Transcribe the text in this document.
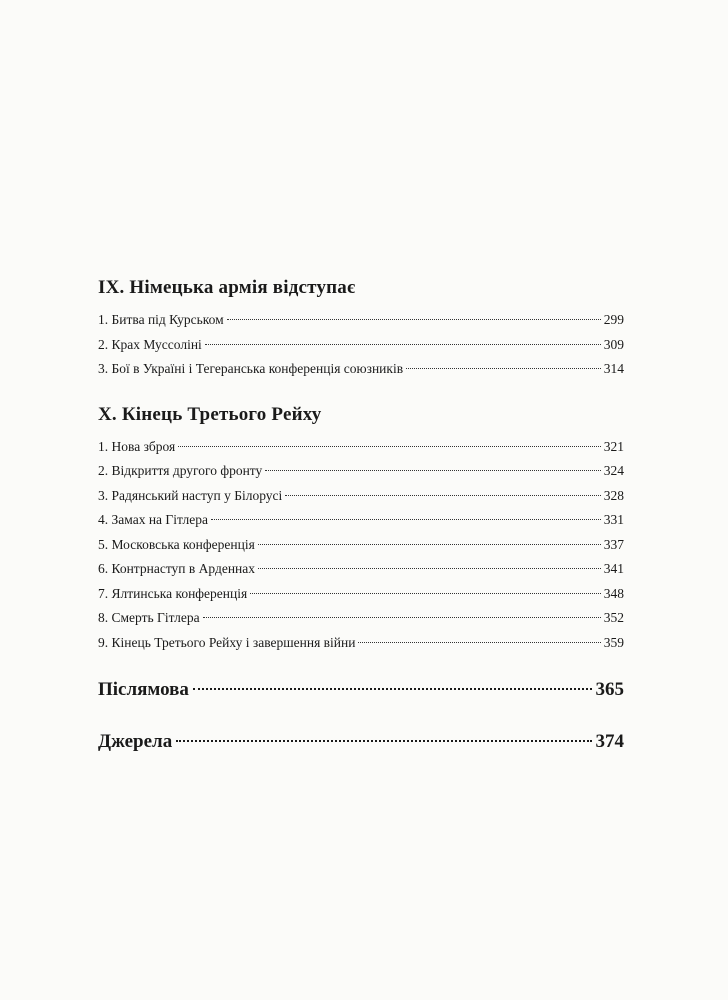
IX. Німецька армія відступає
1. Битва під Курськом	299
2. Крах Муссоліні	309
3. Бої в Україні і Тегеранська конференція союзників	314
X. Кінець Третього Рейху
1. Нова зброя	321
2. Відкриття другого фронту	324
3. Радянський наступ у Білорусі	328
4. Замах на Гітлера	331
5. Московська конференція	337
6. Контрнаступ в Арденнах	341
7. Ялтинська конференція	348
8. Смерть Гітлера	352
9. Кінець Третього Рейху і завершення війни	359
Післямова	365
Джерела	374
